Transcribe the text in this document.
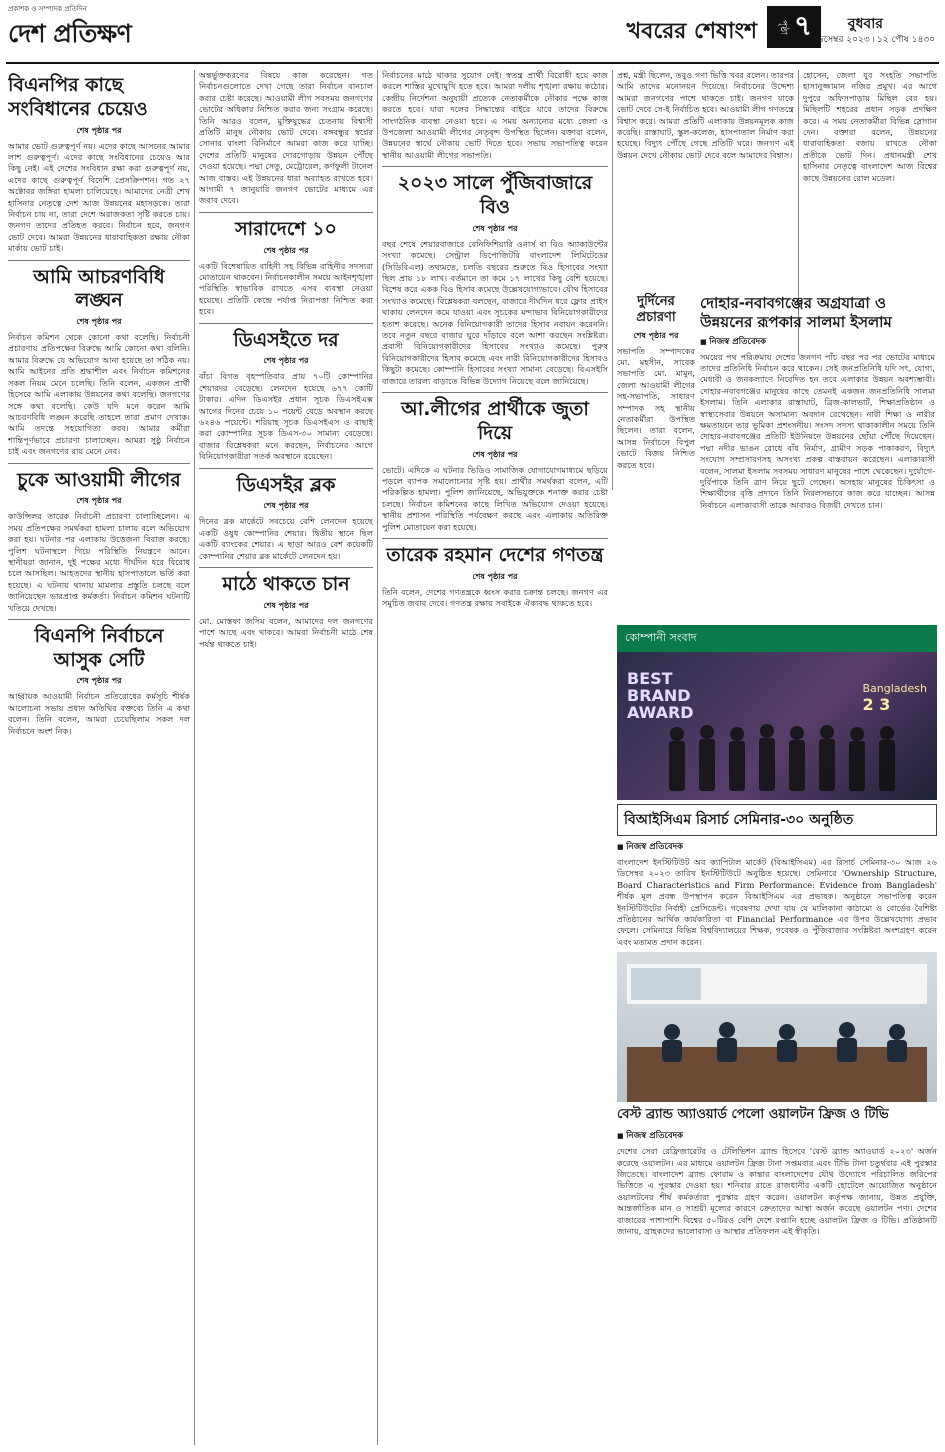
প্রকাশক ও সম্পাদক প্রতিদিন
দেশ প্রতিক্ষণ	খবরের শেষাংশ পৃষ্ঠা ৭	বুধবার
২৭ডিসেম্বর ২০২৩ ৷ ১২ পৌষ ১৪৩০
বিএনপির কাছে সংবিধানের চেয়েও
শেষ পৃষ্ঠার পর

আমার ভোট গুরুত্বপূর্ণ নয়। এদের কাছে আসনের আমার লাশ গুরুত্বপূর্ণ। এদের কাছে সংবিধানের চেয়েও আর কিছু নেই। এই দেশের সংবিধান রক্ষা করা গুরুত্বপূর্ণ নয়, এদের কাছে গুরুত্বপূর্ণ বিদেশি প্রেসক্রিপশন। গত ২৭ অক্টোবর জঙ্গিরা হামলা চালিয়েছে। আমাদের নেত্রী শেখ হাসিনার নেতৃত্বে দেশ আজ উন্নয়নের মহাসড়কে। তারা নির্বাচন চায় না, তারা দেশে অরাজকতা সৃষ্টি করতে চায়। জনগণ তাদের প্রতিহত করবে। নির্বাচন হবে, জনগণ ভোট দেবে। আমরা উন্নয়নের ধারাবাহিকতা রক্ষায় নৌকা মার্কায় ভোট চাই।

আমি আচরণবিধি লঙ্ঘন
শেষ পৃষ্ঠার পর

নির্বাচন কমিশন থেকে কোনো কথা বলেছি। নির্বাচনী প্রচারণায় প্রতিপক্ষের বিরুদ্ধে আমি কোনো কথা বলিনি। আমার বিরুদ্ধে যে অভিযোগ আনা হয়েছে তা সঠিক নয়। আমি আইনের প্রতি শ্রদ্ধাশীল এবং নির্বাচন কমিশনের সকল নিয়ম মেনে চলেছি। তিনি বলেন, একজন প্রার্থী হিসেবে আমি এলাকায় উন্নয়নের কথা বলেছি। জনগণের সঙ্গে কথা বলেছি। কেউ যদি মনে করেন আমি আচরণবিধি লঙ্ঘন করেছি তাহলে তারা প্রমাণ দেখাক। আমি তদন্তে সহযোগিতা করব। আমার কর্মীরা শান্তিপূর্ণভাবে প্রচারণা চালাচ্ছেন। আমরা সুষ্ঠু নির্বাচন চাই এবং জনগণের রায় মেনে নেব।

চুকে আওয়ামী লীগের
শেষ পৃষ্ঠার পর

কাউন্সিলর তারেক নির্বাচনী প্রচারণা চালাচ্ছিলেন। এ সময় প্রতিপক্ষের সমর্থকরা হামলা চালায় বলে অভিযোগ করা হয়। ঘটনার পর এলাকায় উত্তেজনা বিরাজ করছে। পুলিশ ঘটনাস্থলে গিয়ে পরিস্থিতি নিয়ন্ত্রণে আনে। স্থানীয়রা জানান, দুই পক্ষের মধ্যে দীর্ঘদিন ধরে বিরোধ চলে আসছিল। আহতদের স্থানীয় হাসপাতালে ভর্তি করা হয়েছে। এ ঘটনায় থানায় মামলার প্রস্তুতি চলছে বলে জানিয়েছেন ভারপ্রাপ্ত কর্মকর্তা। নির্বাচন কমিশন ঘটনাটি খতিয়ে দেখছে।

বিএনপি নির্বাচনে আসুক সেটি
শেষ পৃষ্ঠার পর

আহ্বায়ক আওয়ামী নির্বাচন প্রতিরোধের কর্মসূচি শীর্ষক আলোচনা সভায় প্রধান অতিথির বক্তব্যে তিনি এ কথা বলেন। তিনি বলেন, আমরা চেয়েছিলাম সকল দল নির্বাচনে অংশ নিক।

অন্তর্ভুক্তকরণের বিষয়ে কাজ করেছেন। গত নির্বাচনগুলোতে দেখা গেছে তারা নির্বাচন বানচাল করার চেষ্টা করেছে। আওয়ামী লীগ সবসময় জনগণের ভোটের অধিকার নিশ্চিত করার জন্য সংগ্রাম করেছে। তিনি আরও বলেন, মুক্তিযুদ্ধের চেতনায় বিশ্বাসী প্রতিটি মানুষ নৌকায় ভোট দেবে। বঙ্গবন্ধুর স্বপ্নের সোনার বাংলা বিনির্মাণে আমরা কাজ করে যাচ্ছি। দেশের প্রতিটি মানুষের দোরগোড়ায় উন্নয়ন পৌঁছে দেওয়া হয়েছে। পদ্মা সেতু, মেট্রোরেল, কর্ণফুলী টানেল আজ বাস্তব। এই উন্নয়নের ধারা অব্যাহত রাখতে হবে। আগামী ৭ জানুয়ারি জনগণ ভোটের মাধ্যমে এর জবাব দেবে।

সারাদেশে ১০
শেষ পৃষ্ঠার পর

একটি বিশেষায়িত বাহিনী সহ বিভিন্ন বাহিনীর সদস্যরা মোতায়েন থাকবেন। নির্বাচনকালীন সময়ে আইনশৃঙ্খলা পরিস্থিতি স্বাভাবিক রাখতে এসব ব্যবস্থা নেওয়া হয়েছে। প্রতিটি কেন্দ্রে পর্যাপ্ত নিরাপত্তা নিশ্চিত করা হবে।

ডিএসইতে দর
শেষ পৃষ্ঠার পর

বাঁচা বিগত বৃহস্পতিবার প্রায় ৭০টি কোম্পানির শেয়ারদর বেড়েছে। লেনদেন হয়েছে ৬৭৭ কোটি টাকার। এদিন ডিএসইর প্রধান সূচক ডিএসইএক্স আগের দিনের চেয়ে ১০ পয়েন্ট বেড়ে অবস্থান করছে ৬২৪৬ পয়েন্টে। শরিয়াহ সূচক ডিএসইএস ও বাছাই করা কোম্পানির সূচক ডিএস-৩০ সামান্য বেড়েছে। বাজার বিশ্লেষকরা মনে করছেন, নির্বাচনের আগে বিনিয়োগকারীরা সতর্ক অবস্থানে রয়েছেন।

ডিএসইর ব্লক
শেষ পৃষ্ঠার পর

দিনের ব্লক মার্কেটে সবচেয়ে বেশি লেনদেন হয়েছে একটি ওষুধ কোম্পানির শেয়ার। দ্বিতীয় স্থানে ছিল একটি ব্যাংকের শেয়ার। এ ছাড়া আরও বেশ কয়েকটি কোম্পানির শেয়ার ব্লক মার্কেটে লেনদেন হয়।

মাঠে থাকতে চান
শেষ পৃষ্ঠার পর

মো. মোস্তফা জসিম বলেন, আমাদের দল জনগণের পাশে আছে এবং থাকবে। আমরা নির্বাচনী মাঠে শেষ পর্যন্ত থাকতে চাই।

নির্বাচনের মাঠে থাকার সুযোগ নেই। স্বতন্ত্র প্রার্থী বিরোধী হয়ে কাজ করলে শাস্তির মুখোমুখি হতে হবে। আমরা দলীয় শৃঙ্খলা রক্ষায় কঠোর। কেন্দ্রীয় নির্দেশনা অনুযায়ী প্রত্যেক নেতাকর্মীকে নৌকার পক্ষে কাজ করতে হবে। যারা দলের সিদ্ধান্তের বাইরে যাবে তাদের বিরুদ্ধে সাংগঠনিক ব্যবস্থা নেওয়া হবে। এ সময় অন্যান্যের মধ্যে জেলা ও উপজেলা আওয়ামী লীগের নেতৃবৃন্দ উপস্থিত ছিলেন। বক্তারা বলেন, উন্নয়নের স্বার্থে নৌকায় ভোট দিতে হবে। সভায় সভাপতিত্ব করেন স্থানীয় আওয়ামী লীগের সভাপতি।

২০২৩ সালে পুঁজিবাজারে বিও
শেষ পৃষ্ঠার পর

বছর শেষে শেয়ারবাজারে বেনিফিশিয়ারি ওনার্স বা বিও অ্যাকাউন্টের সংখ্যা কমেছে। সেন্ট্রাল ডিপোজিটরি বাংলাদেশ লিমিটেডের (সিডিবিএল) তথ্যমতে, চলতি বছরের শুরুতে বিও হিসাবের সংখ্যা ছিল প্রায় ১৮ লাখ। বর্তমানে তা কমে ১৭ লাখের কিছু বেশি হয়েছে। বিশেষ করে একক বিও হিসাব কমেছে উল্লেখযোগ্যভাবে। যৌথ হিসাবের সংখ্যাও কমেছে। বিশ্লেষকরা বলছেন, বাজারে দীর্ঘদিন ধরে ফ্লোর প্রাইস থাকায় লেনদেন কমে যাওয়া এবং সূচকের মন্দাভাব বিনিয়োগকারীদের হতাশ করেছে। অনেক বিনিয়োগকারী তাদের হিসাব নবায়ন করেননি। তবে নতুন বছরে বাজার ঘুরে দাঁড়াবে বলে আশা করছেন সংশ্লিষ্টরা। প্রবাসী বিনিয়োগকারীদের হিসাবের সংখ্যাও কমেছে। পুরুষ বিনিয়োগকারীদের হিসাব কমেছে এবং নারী বিনিয়োগকারীদের হিসাবও কিছুটা কমেছে। কোম্পানি হিসাবের সংখ্যা সামান্য বেড়েছে। বিএসইসি বাজারে তারল্য বাড়াতে বিভিন্ন উদ্যোগ নিয়েছে বলে জানিয়েছে।

আ.লীগের প্রার্থীকে জুতা দিয়ে
শেষ পৃষ্ঠার পর

ভোটে। এদিকে এ ঘটনার ভিডিও সামাজিক যোগাযোগমাধ্যমে ছড়িয়ে পড়লে ব্যাপক সমালোচনার সৃষ্টি হয়। প্রার্থীর সমর্থকরা বলেন, এটি পরিকল্পিত হামলা। পুলিশ জানিয়েছে, অভিযুক্তকে শনাক্ত করার চেষ্টা চলছে। নির্বাচন কমিশনের কাছে লিখিত অভিযোগ দেওয়া হয়েছে। স্থানীয় প্রশাসন পরিস্থিতি পর্যবেক্ষণ করছে এবং এলাকায় অতিরিক্ত পুলিশ মোতায়েন করা হয়েছে।

তারেক রহমান দেশের গণতন্ত্র
শেষ পৃষ্ঠার পর

তিনি বলেন, দেশের গণতন্ত্রকে ধ্বংস করার চক্রান্ত চলছে। জনগণ এর সমুচিত জবাব দেবে। গণতন্ত্র রক্ষায় সবাইকে ঐক্যবদ্ধ থাকতে হবে।

প্রশ্ন, মন্ত্রী ছিলেন, তবুও গণা ভিত্তি খবর বলেন। তারপর আমি তাদের মনোনয়ন দিয়েছে। নির্বাচনের উদ্দেশ্য আমরা জনগণের পাশে থাকতে চাই। জনগণ যাকে ভোট দেবে সে-ই নির্বাচিত হবে। আওয়ামী লীগ গণতন্ত্রে বিশ্বাস করে। আমরা প্রতিটি এলাকায় উন্নয়নমূলক কাজ করেছি। রাস্তাঘাট, স্কুল-কলেজ, হাসপাতাল নির্মাণ করা হয়েছে। বিদ্যুৎ পৌঁছে গেছে প্রতিটি ঘরে। জনগণ এই উন্নয়ন দেখে নৌকায় ভোট দেবে বলে আমাদের বিশ্বাস।

হোসেন, জেলা যুব সংহতি সভাপতি হাসানুজ্জামান নজির প্রমুখ। এর আগে দুপুরে অফিসপাড়ায় মিছিল বের হয়। মিছিলটি শহরের প্রধান সড়ক প্রদক্ষিণ করে। এ সময় নেতাকর্মীরা বিভিন্ন স্লোগান দেন। বক্তারা বলেন, উন্নয়নের ধারাবাহিকতা বজায় রাখতে নৌকা প্রতীকে ভোট দিন। প্রধানমন্ত্রী শেখ হাসিনার নেতৃত্বে বাংলাদেশ আজ বিশ্বের কাছে উন্নয়নের রোল মডেল।

দোহার-নবাবগঞ্জের অগ্রযাত্রা ও উন্নয়নের রূপকার সালমা ইসলাম
■ নিজস্ব প্রতিবেদক

সময়ের পথ পরিক্রমায় দেশের জনগণ পাঁচ বছর পর পর ভোটের মাধ্যমে তাদের প্রতিনিধি নির্বাচন করে থাকেন। সেই জনপ্রতিনিধি যদি সৎ, যোগ্য, মেধাবী ও জনকল্যাণে নিবেদিত হন তবে এলাকার উন্নয়ন অবশ্যম্ভাবী। দোহার-নবাবগঞ্জের মানুষের কাছে তেমনই একজন জনপ্রতিনিধি সালমা ইসলাম। তিনি এলাকার রাস্তাঘাট, ব্রিজ-কালভার্ট, শিক্ষাপ্রতিষ্ঠান ও স্বাস্থ্যসেবার উন্নয়নে অসামান্য অবদান রেখেছেন। নারী শিক্ষা ও নারীর ক্ষমতায়নে তার ভূমিকা প্রশংসনীয়। সংসদ সদস্য থাকাকালীন সময়ে তিনি দোহার-নবাবগঞ্জের প্রতিটি ইউনিয়নে উন্নয়নের ছোঁয়া পৌঁছে দিয়েছেন। পদ্মা নদীর ভাঙন রোধে বাঁধ নির্মাণ, গ্রামীণ সড়ক পাকাকরণ, বিদ্যুৎ সংযোগ সম্প্রসারণসহ অসংখ্য প্রকল্প বাস্তবায়ন করেছেন। এলাকাবাসী বলেন, সালমা ইসলাম সবসময় সাধারণ মানুষের পাশে থেকেছেন। দুর্যোগে-দুর্বিপাকে তিনি ত্রাণ নিয়ে ছুটে গেছেন। অসহায় মানুষের চিকিৎসা ও শিক্ষার্থীদের বৃত্তি প্রদানে তিনি নিরলসভাবে কাজ করে যাচ্ছেন। আসন্ন নির্বাচনে এলাকাবাসী তাকে আবারও বিজয়ী দেখতে চান।

দুর্দিনের প্রচারণা
শেষ পৃষ্ঠার পর

সভাপতি সম্পাদকের মো. মহসীন, সাবেক সভাপতি মো. মামুন, জেলা আওয়ামী লীগের সহ-সভাপতি, সাধারণ সম্পাদক সহ স্থানীয় নেতাকর্মীরা উপস্থিত ছিলেন। তারা বলেন, আসন্ন নির্বাচনে বিপুল ভোটে বিজয় নিশ্চিত করতে হবে।

কোম্পানী সংবাদ
BEST
BRAND
AWARD
Bangladesh
2 3
বিআইসিএম রিসার্চ সেমিনার-৩০ অনুষ্ঠিত
■ নিজস্ব প্রতিবেদক

বাংলাদেশ ইনস্টিটিউট অব ক্যাপিটাল মার্কেট (বিআইসিএম) এর রিসার্চ সেমিনার-৩০ আজ ২৬ ডিসেম্বর ২০২৩ তারিখ ইনস্টিটিউটে অনুষ্ঠিত হয়েছে। সেমিনারে 'Ownership Structure, Board Characteristics and Firm Performance: Evidence from Bangladesh' শীর্ষক মূল প্রবন্ধ উপস্থাপন করেন বিআইসিএম এর প্রভাষক। অনুষ্ঠানে সভাপতিত্ব করেন ইনস্টিটিউটের নির্বাহী প্রেসিডেন্ট। গবেষণায় দেখা যায় যে মালিকানা কাঠামো ও বোর্ডের বৈশিষ্ট্য প্রতিষ্ঠানের আর্থিক কার্যকারিতা বা Financial Performance এর উপর উল্লেখযোগ্য প্রভাব ফেলে। সেমিনারে বিভিন্ন বিশ্ববিদ্যালয়ের শিক্ষক, গবেষক ও পুঁজিবাজার সংশ্লিষ্টরা অংশগ্রহণ করেন এবং মতামত প্রদান করেন।

বেস্ট ব্র্যান্ড অ্যাওয়ার্ড পেলো ওয়ালটন ফ্রিজ ও টিভি
■ নিজস্ব প্রতিবেদক

দেশের সেরা রেফ্রিজারেটর ও টেলিভিশন ব্র্যান্ড হিসেবে 'বেস্ট ব্র্যান্ড অ্যাওয়ার্ড ২০২৩' অর্জন করেছে ওয়ালটন। এর মাধ্যমে ওয়ালটন ফ্রিজ টানা সপ্তমবার এবং টিভি টানা চতুর্থবার এই পুরস্কার জিতেছে। বাংলাদেশ ব্র্যান্ড ফোরাম ও কান্তার বাংলাদেশের যৌথ উদ্যোগে পরিচালিত জরিপের ভিত্তিতে এ পুরস্কার দেওয়া হয়। শনিবার রাতে রাজধানীর একটি হোটেলে আয়োজিত অনুষ্ঠানে ওয়ালটনের শীর্ষ কর্মকর্তারা পুরস্কার গ্রহণ করেন। ওয়ালটন কর্তৃপক্ষ জানায়, উন্নত প্রযুক্তি, আন্তর্জাতিক মান ও সাশ্রয়ী মূল্যের কারণে ক্রেতাদের আস্থা অর্জন করেছে ওয়ালটন পণ্য। দেশের বাজারের পাশাপাশি বিশ্বের ৫০টিরও বেশি দেশে রপ্তানি হচ্ছে ওয়ালটন ফ্রিজ ও টিভি। প্রতিষ্ঠানটি জানায়, গ্রাহকদের ভালোবাসা ও আস্থার প্রতিফলন এই স্বীকৃতি।
